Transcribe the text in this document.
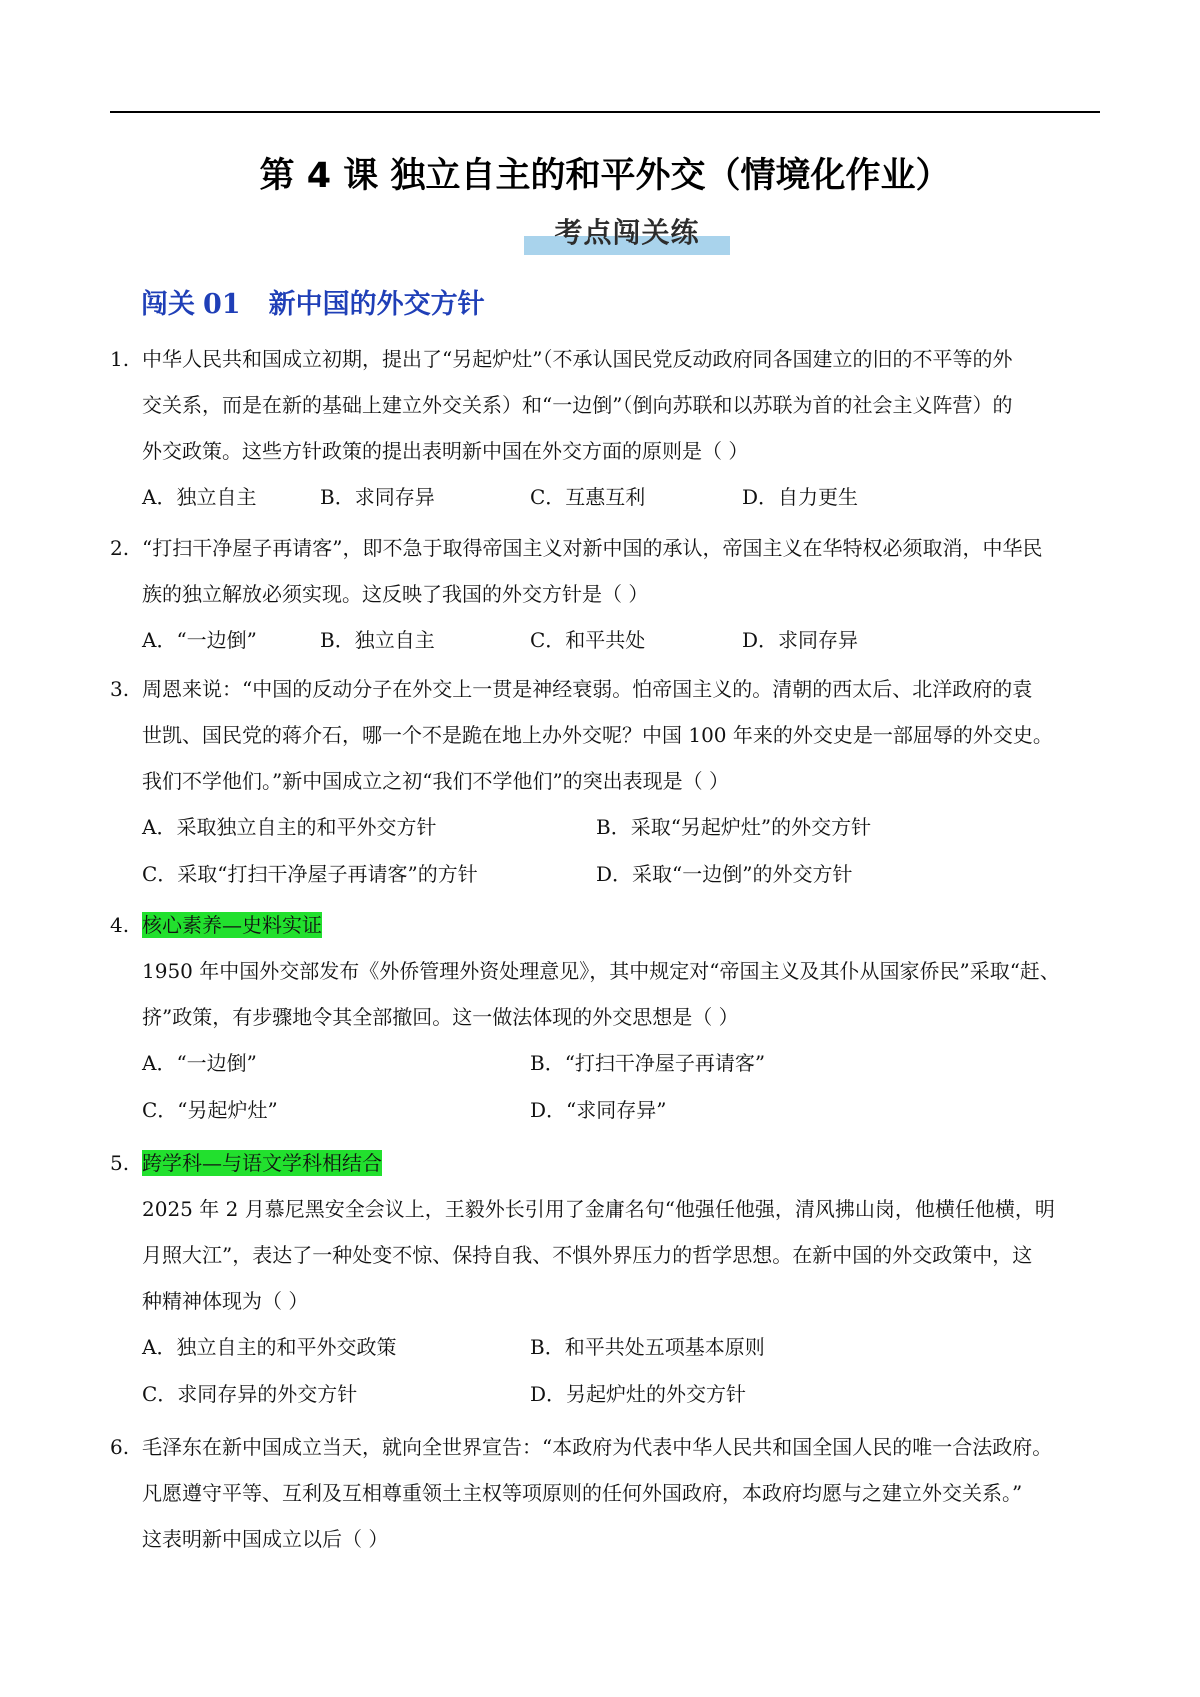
第 4 课 独立自主的和平外交（情境化作业）
考点闯关练
闯关 01 新中国的外交方针
1. 中华人民共和国成立初期，提出了“另起炉灶”（不承认国民党反动政府同各国建立的旧的不平等的外
交关系，而是在新的基础上建立外交关系）和“一边倒”（倒向苏联和以苏联为首的社会主义阵营）的
外交政策。这些方针政策的提出表明新中国在外交方面的原则是（ ）
A．独立自主	B．求同存异	C．互惠互利	D．自力更生
2. “打扫干净屋子再请客”，即不急于取得帝国主义对新中国的承认，帝国主义在华特权必须取消，中华民
族的独立解放必须实现。这反映了我国的外交方针是（ ）
A．“一边倒”	B．独立自主	C．和平共处	D．求同存异
3. 周恩来说：“中国的反动分子在外交上一贯是神经衰弱。怕帝国主义的。清朝的西太后、北洋政府的袁
世凯、国民党的蒋介石，哪一个不是跪在地上办外交呢？中国 100 年来的外交史是一部屈辱的外交史。
我们不学他们。”新中国成立之初“我们不学他们”的突出表现是（ ）
A．采取独立自主的和平外交方针	B．采取“另起炉灶”的外交方针
C．采取“打扫干净屋子再请客”的方针	D．采取“一边倒”的外交方针
4. 核心素养—史料实证
1950 年中国外交部发布《外侨管理外资处理意见》，其中规定对“帝国主义及其仆从国家侨民”采取“赶、
挤”政策，有步骤地令其全部撤回。这一做法体现的外交思想是（ ）
A．“一边倒”	B．“打扫干净屋子再请客”
C．“另起炉灶”	D．“求同存异”
5. 跨学科—与语文学科相结合
2025 年 2 月慕尼黑安全会议上，王毅外长引用了金庸名句“他强任他强，清风拂山岗，他横任他横，明
月照大江”，表达了一种处变不惊、保持自我、不惧外界压力的哲学思想。在新中国的外交政策中，这
种精神体现为（ ）
A．独立自主的和平外交政策	B．和平共处五项基本原则
C．求同存异的外交方针	D．另起炉灶的外交方针
6. 毛泽东在新中国成立当天，就向全世界宣告：“本政府为代表中华人民共和国全国人民的唯一合法政府。
凡愿遵守平等、互利及互相尊重领土主权等项原则的任何外国政府，本政府均愿与之建立外交关系。”
这表明新中国成立以后（ ）
